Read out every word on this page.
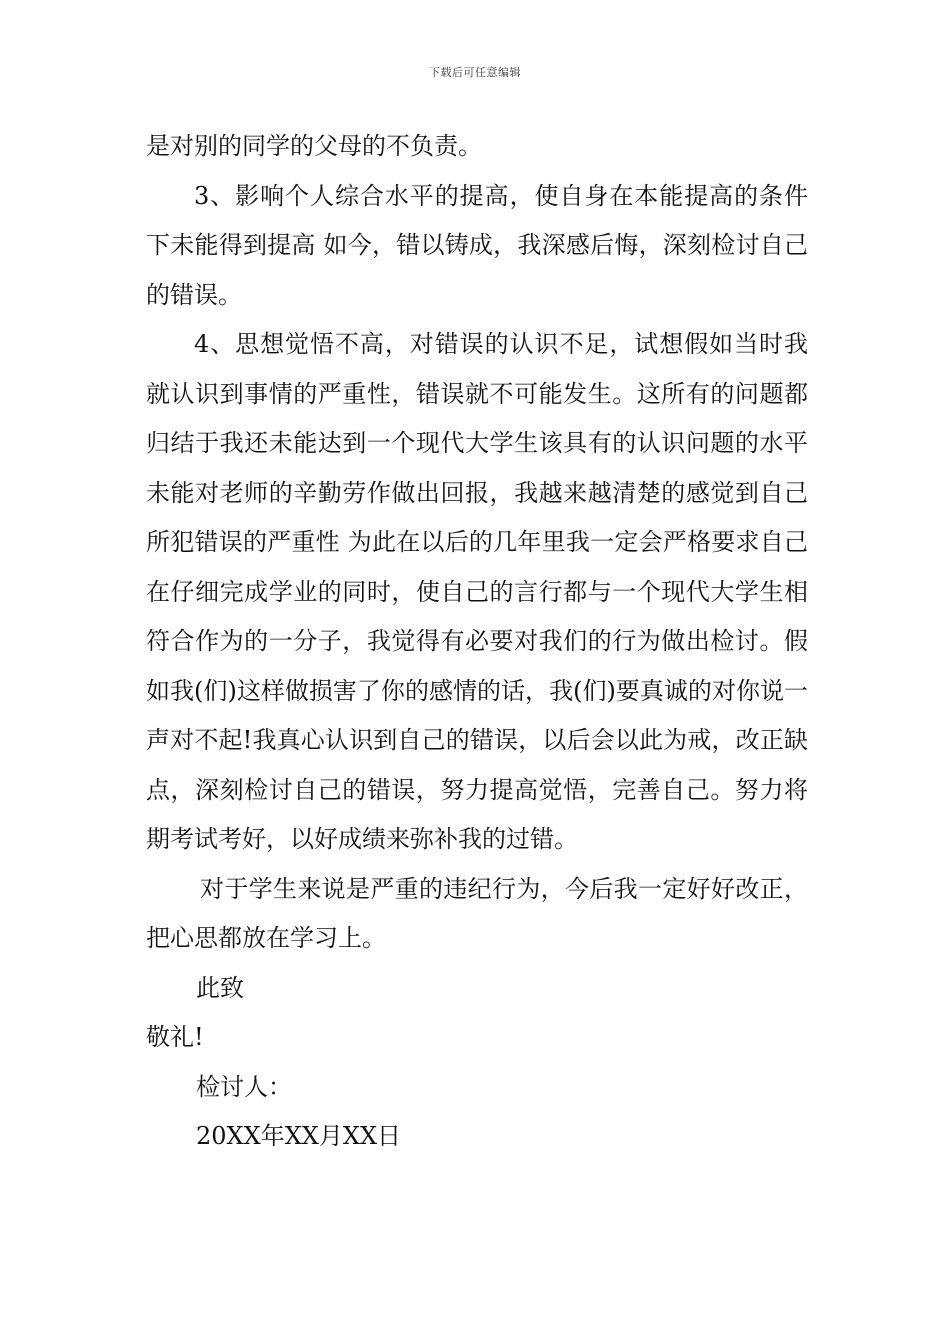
下载后可任意编辑

是对别的同学的父母的不负责。

3、影响个人综合水平的提高，使自身在本能提高的条件下未能得到提高 如今，错以铸成，我深感后悔，深刻检讨自己的错误。

4、思想觉悟不高，对错误的认识不足，试想假如当时我就认识到事情的严重性，错误就不可能发生。这所有的问题都归结于我还未能达到一个现代大学生该具有的认识问题的水平 未能对老师的辛勤劳作做出回报，我越来越清楚的感觉到自己所犯错误的严重性 为此在以后的几年里我一定会严格要求自己 在仔细完成学业的同时，使自己的言行都与一个现代大学生相符合作为的一分子，我觉得有必要对我们的行为做出检讨。假如我(们)这样做损害了你的感情的话，我(们)要真诚的对你说一声对不起!我真心认识到自己的错误，以后会以此为戒，改正缺点，深刻检讨自己的错误，努力提高觉悟，完善自己。努力将期考试考好，以好成绩来弥补我的过错。

对于学生来说是严重的违纪行为，今后我一定好好改正，把心思都放在学习上。

此致

敬礼!

检讨人：

20XX年XX月XX日
